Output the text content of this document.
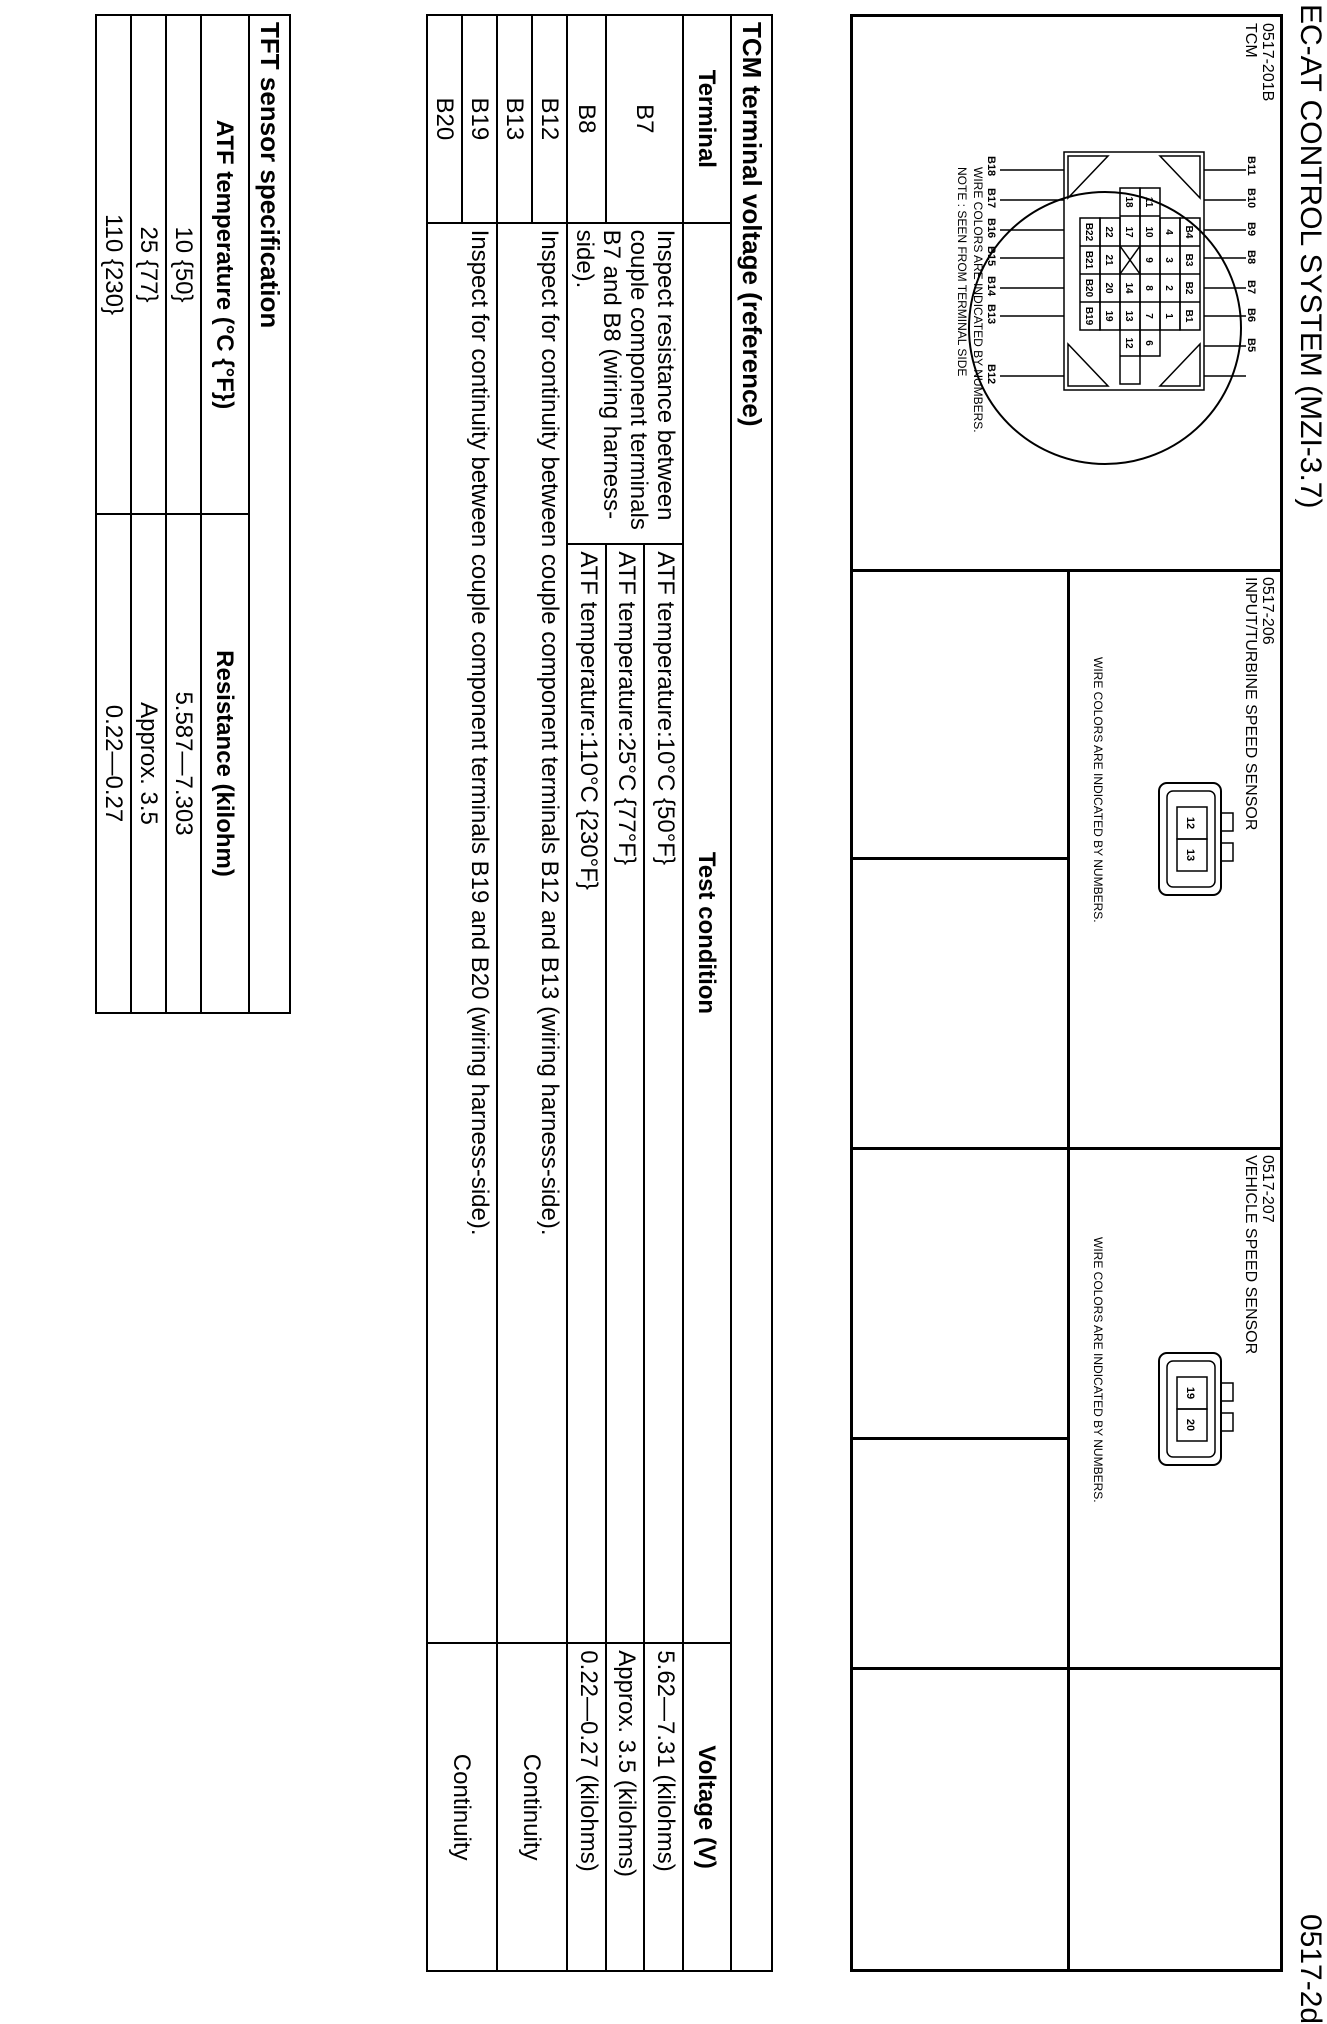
EC-AT CONTROL SYSTEM (MZI-3.7)
0517-2d
0517-201B
TCM
B11
B10
B9
B8
B7
B6
B5
B18
B17
B16
B15
B14
B13
B12
B4
B3
B2
B1
4
3
2
1
11
10
9
8
7
6
18
17
14
13
12
22
21
20
19
B22
B21
B20
B19
WIRE COLORS ARE INDICATED BY NUMBERS.
NOTE : SEEN FROM TERMINAL SIDE
0517-206
INPUT/TURBINE SPEED SENSOR
12
13
WIRE COLORS ARE INDICATED BY NUMBERS.
0517-207
VEHICLE SPEED SENSOR
19
20
WIRE COLORS ARE INDICATED BY NUMBERS.
TCM terminal voltage (reference)			
Terminal	Test condition		Voltage (V)
B7	Inspect resistance between couple component terminals B7 and B8 (wiring harness-side).	ATF temperature:10°C {50°F}	5.62—7.31 (kilohms)
		ATF temperature:25°C {77°F}	Approx. 3.5 (kilohms)
B8		ATF temperature:110°C {230°F}	0.22—0.27 (kilohms)
B12	Inspect for continuity between couple component terminals B12 and B13 (wiring harness-side).		Continuity
B13			
B19	Inspect for continuity between couple component terminals B19 and B20 (wiring harness-side).		Continuity
B20			
TFT sensor specification	
ATF temperature (°C {°F})	Resistance (kilohm)
10 {50}	5.587—7.303
25 {77}	Approx. 3.5
110 {230}	0.22—0.27
